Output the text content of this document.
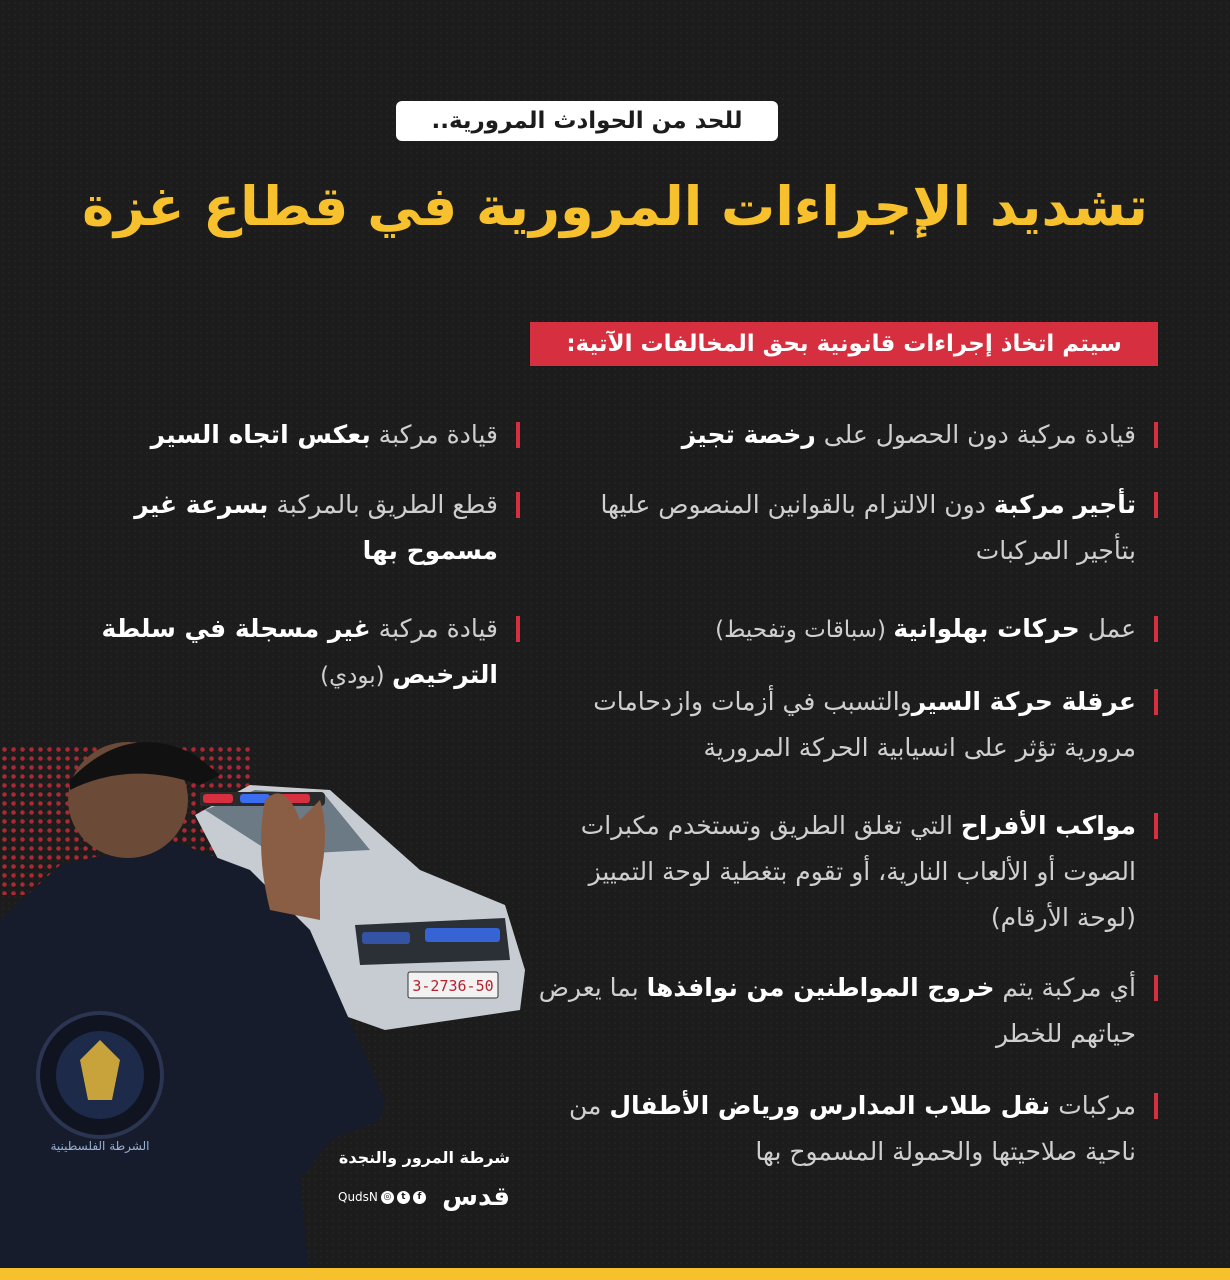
للحد من الحوادث المرورية..
تشديد الإجراءات المرورية في قطاع غزة
سيتم اتخاذ إجراءات قانونية بحق المخالفات الآتية:
قيادة مركبة دون الحصول على رخصة تجيز
تأجير مركبة دون الالتزام بالقوانين المنصوص عليها بتأجير المركبات
عمل حركات بهلوانية (سباقات وتفحيط)
عرقلة حركة السيروالتسبب في أزمات وازدحامات مرورية تؤثر على انسيابية الحركة المرورية
مواكب الأفراح التي تغلق الطريق وتستخدم مكبرات الصوت أو الألعاب النارية، أو تقوم بتغطية لوحة التمييز (لوحة الأرقام)
أي مركبة يتم خروج المواطنين من نوافذها بما يعرض حياتهم للخطر
مركبات نقل طلاب المدارس ورياض الأطفال من ناحية صلاحيتها والحمولة المسموح بها
قيادة مركبة بعكس اتجاه السير
قطع الطريق بالمركبة بسرعة غير مسموح بها
قيادة مركبة غير مسجلة في سلطة الترخيص (بودي)
3-2736-50
الشرطة الفلسطينية
شرطة المرور والنجدة
QudsN ◎	t	f قدس
